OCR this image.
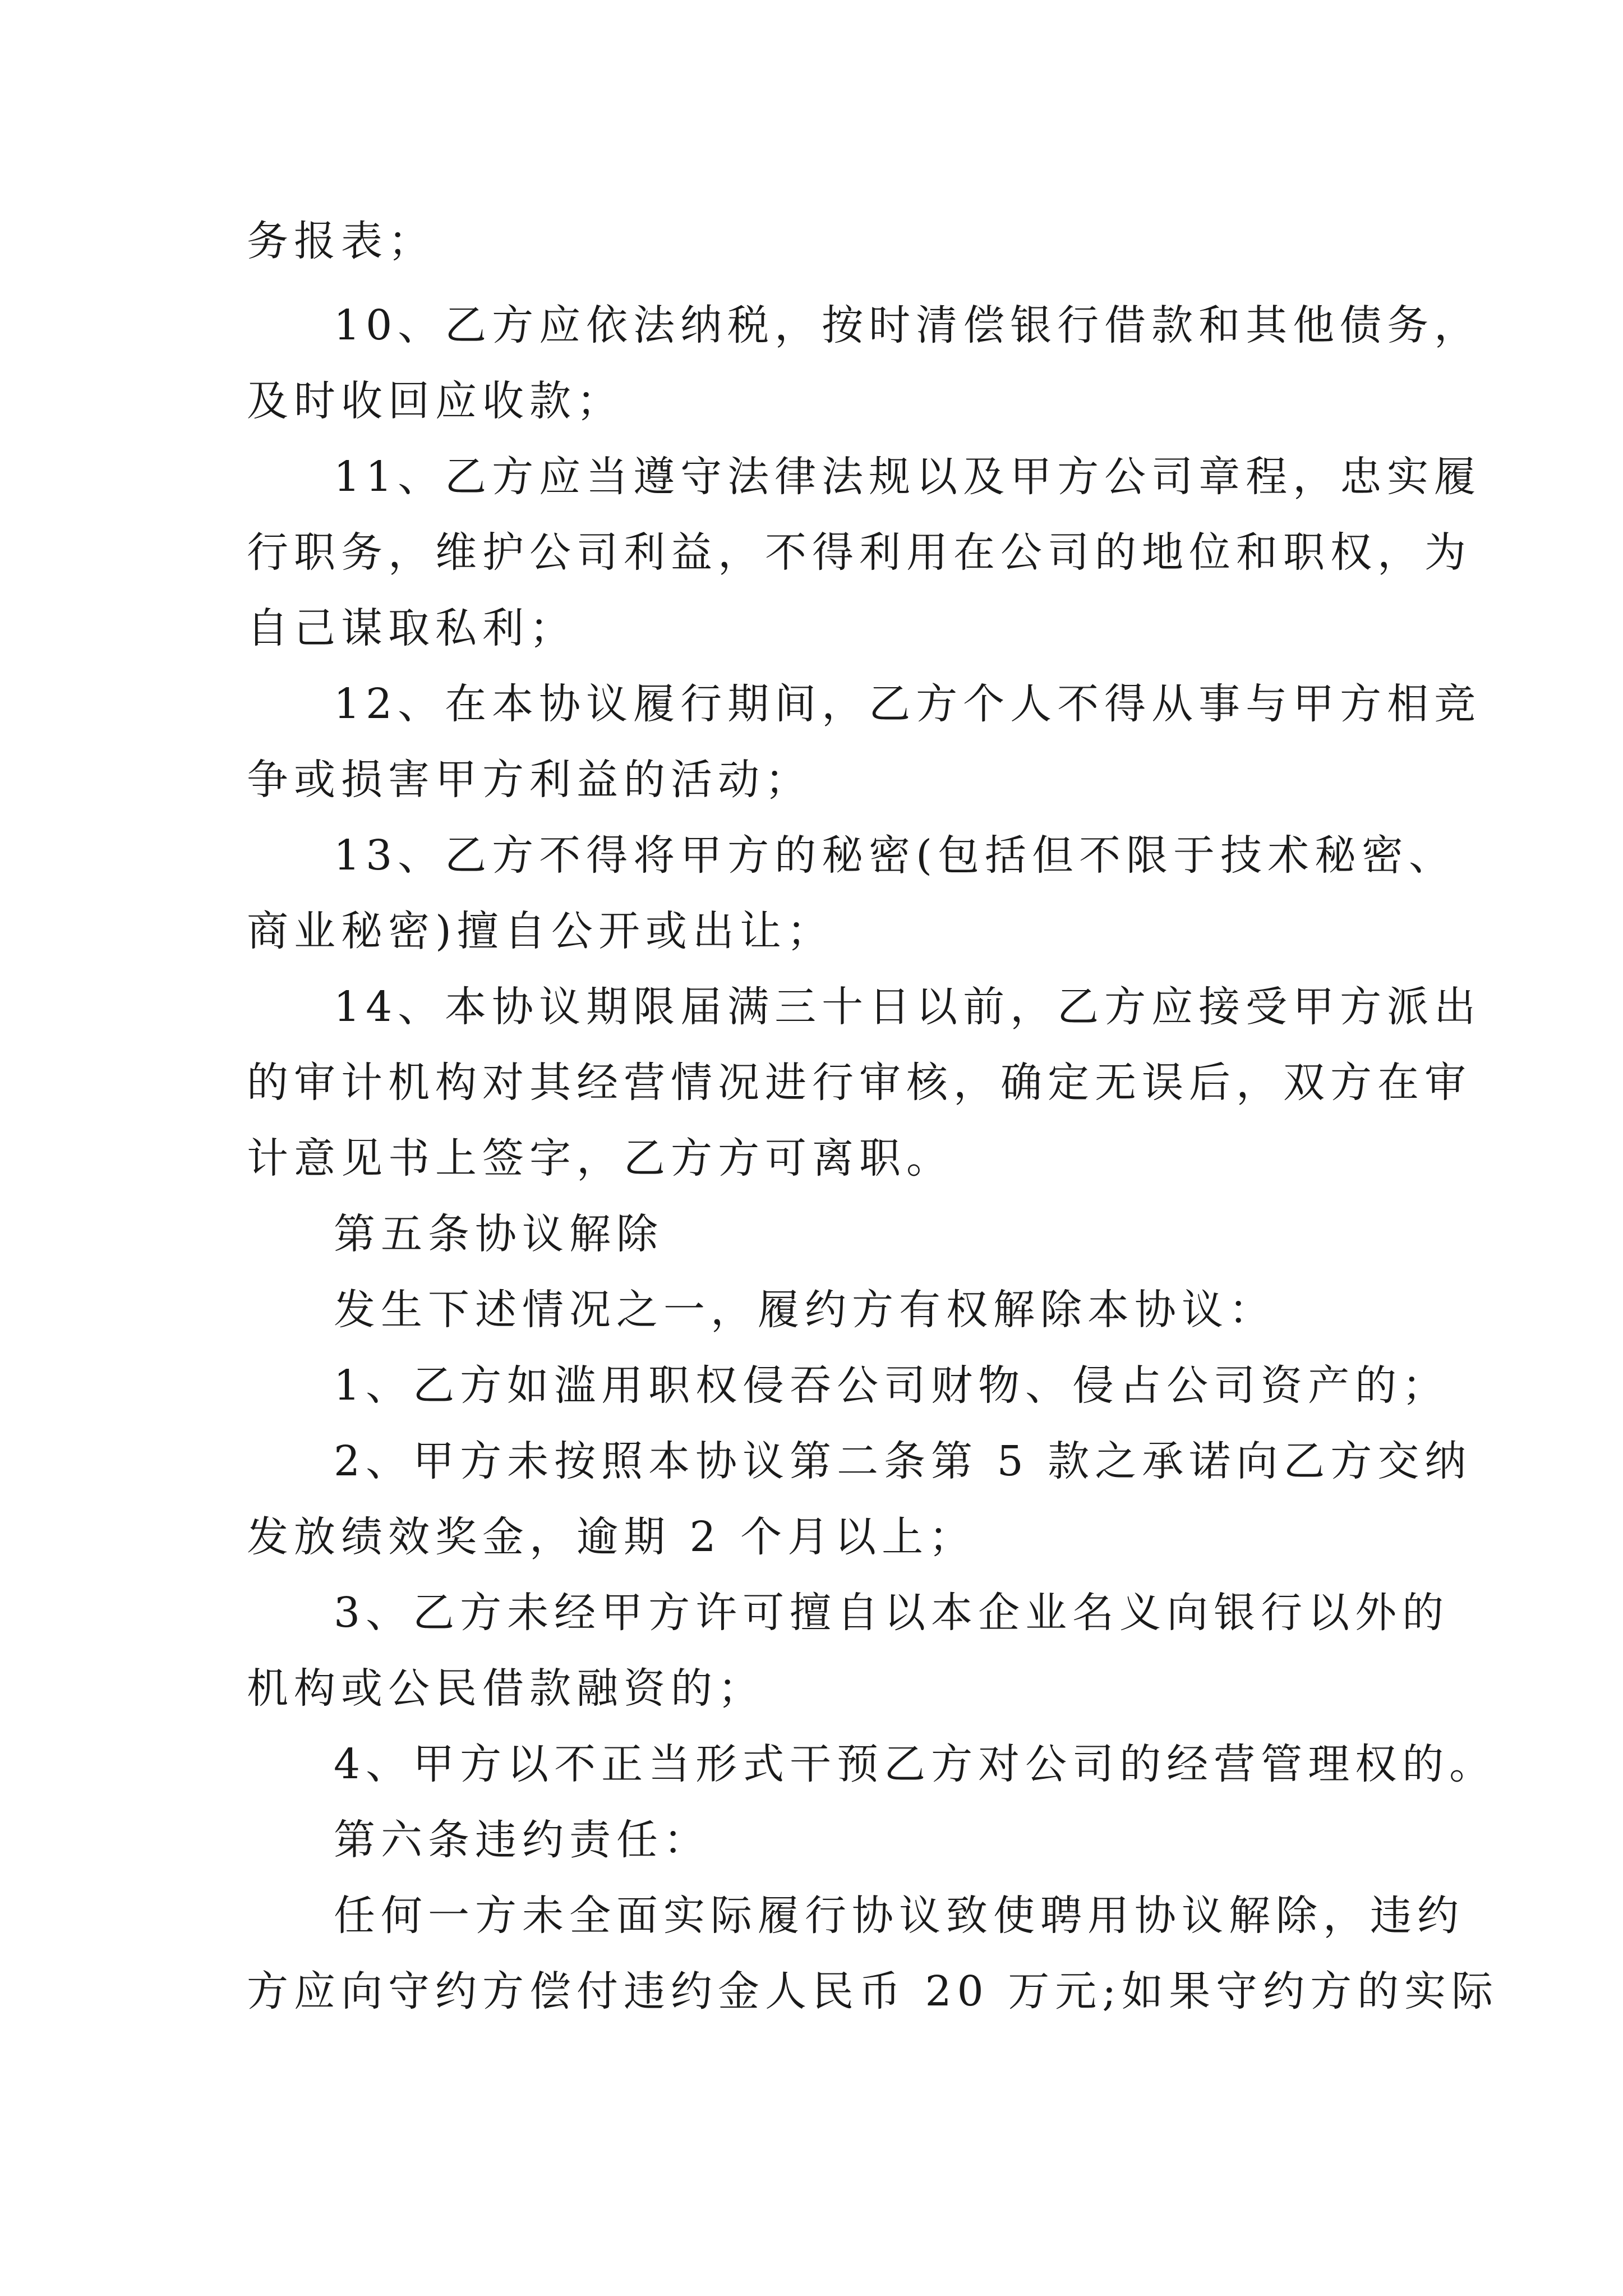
务报表；
10、乙方应依法纳税，按时清偿银行借款和其他债务，
及时收回应收款；
11、乙方应当遵守法律法规以及甲方公司章程，忠实履
行职务，维护公司利益，不得利用在公司的地位和职权，为
自己谋取私利；
12、在本协议履行期间，乙方个人不得从事与甲方相竞
争或损害甲方利益的活动；
13、乙方不得将甲方的秘密(包括但不限于技术秘密、
商业秘密)擅自公开或出让；
14、本协议期限届满三十日以前，乙方应接受甲方派出
的审计机构对其经营情况进行审核，确定无误后，双方在审
计意见书上签字，乙方方可离职。
第五条协议解除
发生下述情况之一，履约方有权解除本协议：
1、乙方如滥用职权侵吞公司财物、侵占公司资产的；
2、甲方未按照本协议第二条第 5 款之承诺向乙方交纳
发放绩效奖金，逾期 2 个月以上；
3、乙方未经甲方许可擅自以本企业名义向银行以外的
机构或公民借款融资的；
4、甲方以不正当形式干预乙方对公司的经营管理权的。
第六条违约责任：
任何一方未全面实际履行协议致使聘用协议解除，违约
方应向守约方偿付违约金人民币 20 万元;如果守约方的实际
